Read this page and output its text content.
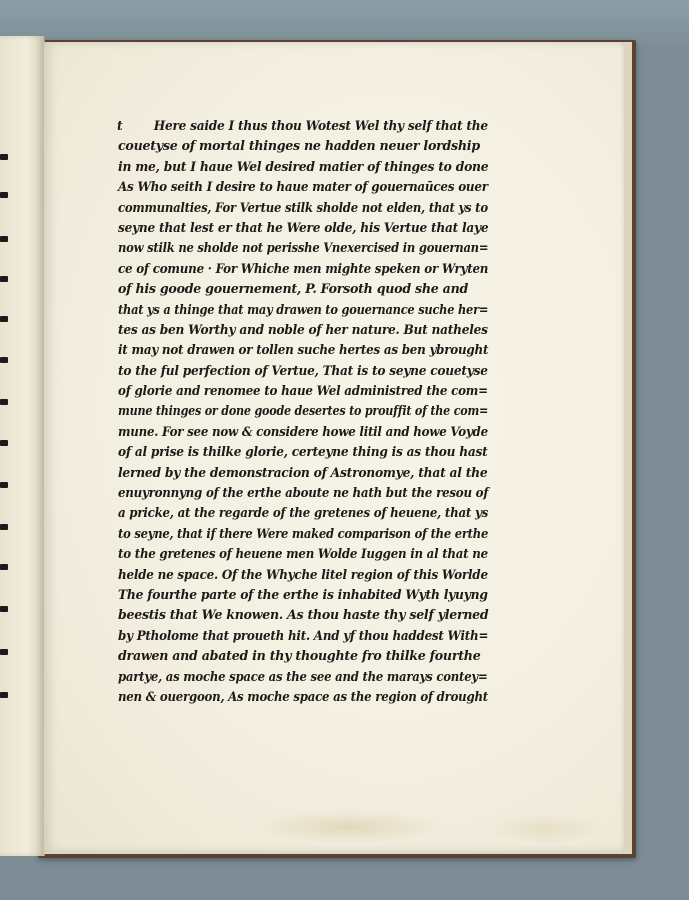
t Here saide I thus thou Wotest Wel thy self that the
couetyse of mortal thinges ne hadden neuer lordship
in me, but I haue Wel desired matier of thinges to done
As Who seith I desire to haue mater of gouernaūces ouer
communalties, For Vertue stilk sholde not elden, that ys to
seyne that lest er that he Were olde, his Vertue that laye
now stilk ne sholde not perisshe Vnexercised in gouernan=
ce of comune · For Whiche men mighte speken or Wryten
of his goode gouernement, P. Forsoth quod she and
that ys a thinge that may drawen to gouernance suche her=
tes as ben Worthy and noble of her nature. But natheles
it may not drawen or tollen suche hertes as ben ybrought
to the ful perfection of Vertue, That is to seyne couetyse
of glorie and renomee to haue Wel administred the com=
mune thinges or done goode desertes to prouffit of the com=
mune. For see now & considere howe litil and howe Voyde
of al prise is thilke glorie, certeyne thing is as thou hast
lerned by the demonstracion of Astronomye, that al the
enuyronnyng of the erthe aboute ne hath but the resou of
a pricke, at the regarde of the gretenes of heuene, that ys
to seyne, that if there Were maked comparison of the erthe
to the gretenes of heuene men Wolde Iuggen in al that ne
helde ne space. Of the Whyche litel region of this Worlde
The fourthe parte of the erthe is inhabited Wyth lyuyng
beestis that We knowen. As thou haste thy self ylerned
by Ptholome that proueth hit. And yf thou haddest With=
drawen and abated in thy thoughte fro thilke fourthe
partye, as moche space as the see and the marays contey=
nen & ouergoon, As moche space as the region of drought
